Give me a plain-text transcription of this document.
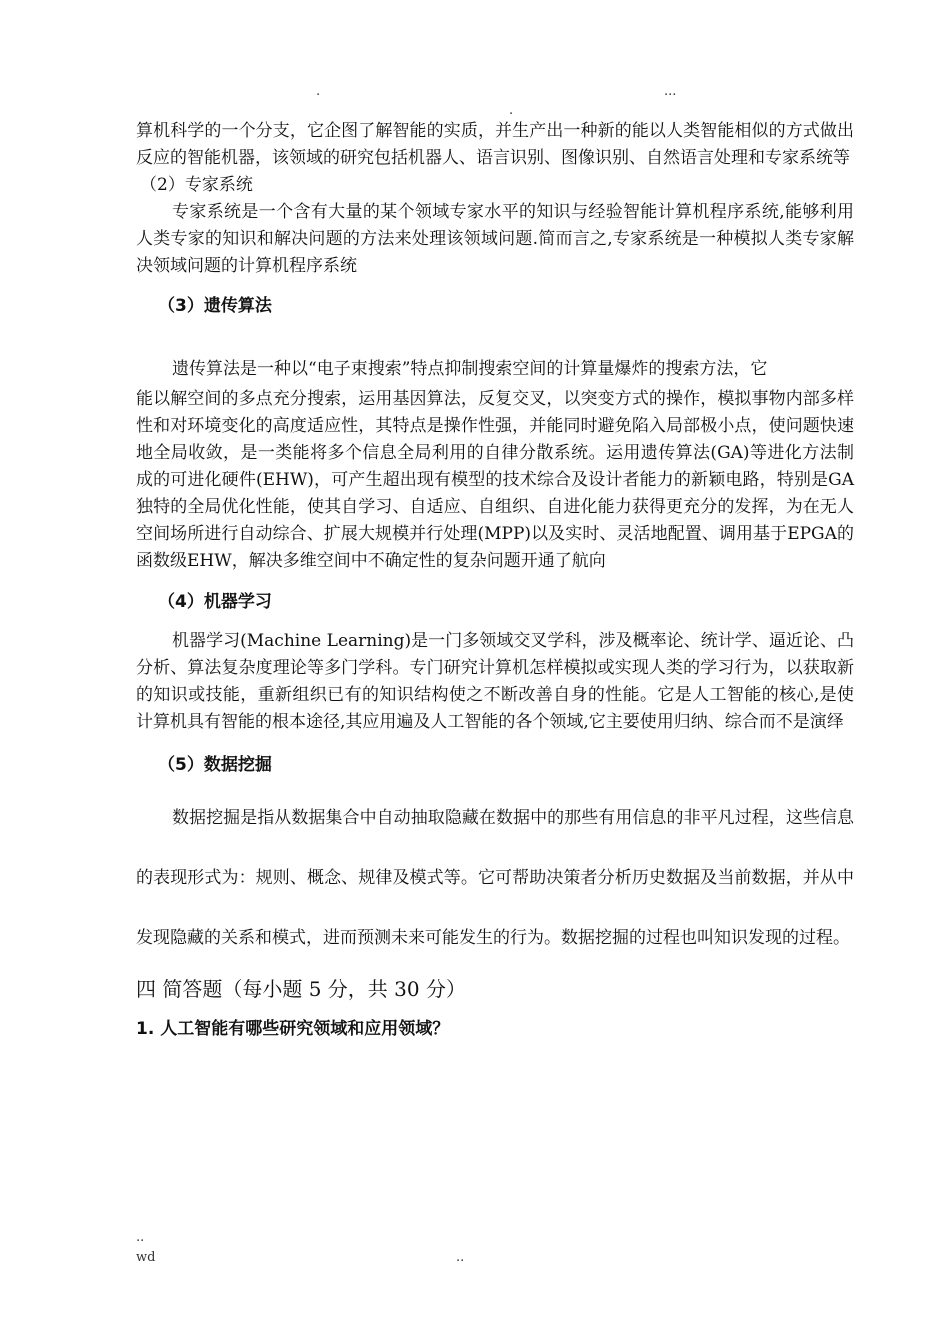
.	...
.

算机科学的一个分支，它企图了解智能的实质，并生产出一种新的能以人类智能相似的方式做出反应的智能机器，该领域的研究包括机器人、语言识别、图像识别、自然语言处理和专家系统等

（2）专家系统

专家系统是一个含有大量的某个领域专家水平的知识与经验智能计算机程序系统,能够利用人类专家的知识和解决问题的方法来处理该领域问题.简而言之,专家系统是一种模拟人类专家解决领域问题的计算机程序系统

（3）遗传算法

遗传算法是一种以“电子束搜索”特点抑制搜索空间的计算量爆炸的搜索方法，它

能以解空间的多点充分搜索，运用基因算法，反复交叉，以突变方式的操作，模拟事物内部多样性和对环境变化的高度适应性，其特点是操作性强，并能同时避免陷入局部极小点，使问题快速地全局收敛，是一类能将多个信息全局利用的自律分散系统。运用遗传算法(GA)等进化方法制成的可进化硬件(EHW)，可产生超出现有模型的技术综合及设计者能力的新颖电路，特别是GA独特的全局优化性能，使其自学习、自适应、自组织、自进化能力获得更充分的发挥，为在无人空间场所进行自动综合、扩展大规模并行处理(MPP)以及实时、灵活地配置、调用基于EPGA的函数级EHW，解决多维空间中不确定性的复杂问题开通了航向

（4）机器学习

机器学习(Machine Learning)是一门多领域交叉学科，涉及概率论、统计学、逼近论、凸分析、算法复杂度理论等多门学科。专门研究计算机怎样模拟或实现人类的学习行为，以获取新的知识或技能，重新组织已有的知识结构使之不断改善自身的性能。它是人工智能的核心,是使计算机具有智能的根本途径,其应用遍及人工智能的各个领域,它主要使用归纳、综合而不是演绎

（5）数据挖掘

数据挖掘是指从数据集合中自动抽取隐藏在数据中的那些有用信息的非平凡过程，这些信息的表现形式为：规则、概念、规律及模式等。它可帮助决策者分析历史数据及当前数据，并从中发现隐藏的关系和模式，进而预测未来可能发生的行为。数据挖掘的过程也叫知识发现的过程。

四 简答题（每小题 5 分，共 30 分）

1. 人工智能有哪些研究领域和应用领域？

..
wd	..
